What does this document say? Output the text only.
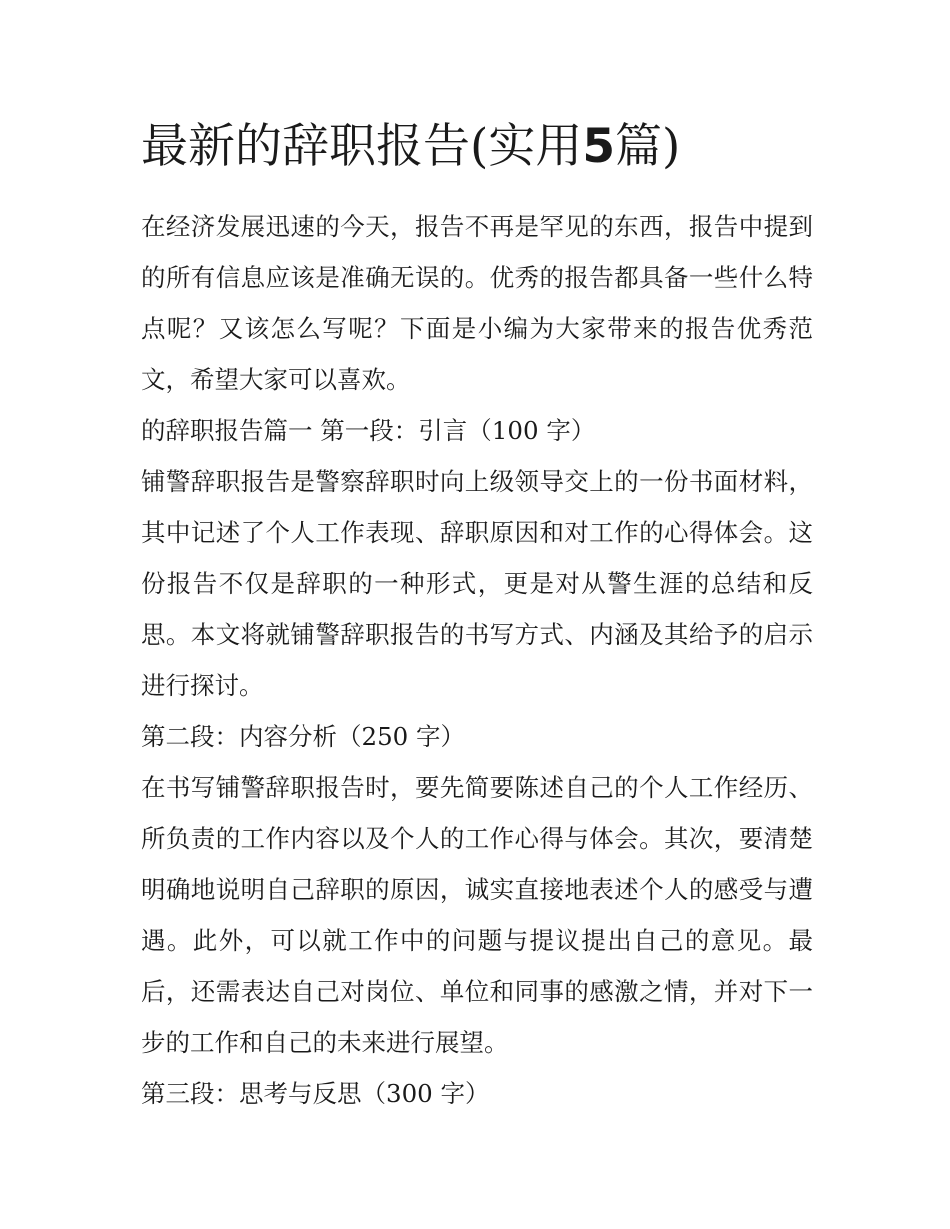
最新的辞职报告(实用5篇)

在经济发展迅速的今天，报告不再是罕见的东西，报告中提到的所有信息应该是准确无误的。优秀的报告都具备一些什么特点呢？又该怎么写呢？下面是小编为大家带来的报告优秀范文，希望大家可以喜欢。

的辞职报告篇一 第一段：引言（100 字）

铺警辞职报告是警察辞职时向上级领导交上的一份书面材料，其中记述了个人工作表现、辞职原因和对工作的心得体会。这份报告不仅是辞职的一种形式，更是对从警生涯的总结和反思。本文将就铺警辞职报告的书写方式、内涵及其给予的启示进行探讨。

第二段：内容分析（250 字）

在书写铺警辞职报告时，要先简要陈述自己的个人工作经历、所负责的工作内容以及个人的工作心得与体会。其次，要清楚明确地说明自己辞职的原因，诚实直接地表述个人的感受与遭遇。此外，可以就工作中的问题与提议提出自己的意见。最后，还需表达自己对岗位、单位和同事的感激之情，并对下一步的工作和自己的未来进行展望。

第三段：思考与反思（300 字）
